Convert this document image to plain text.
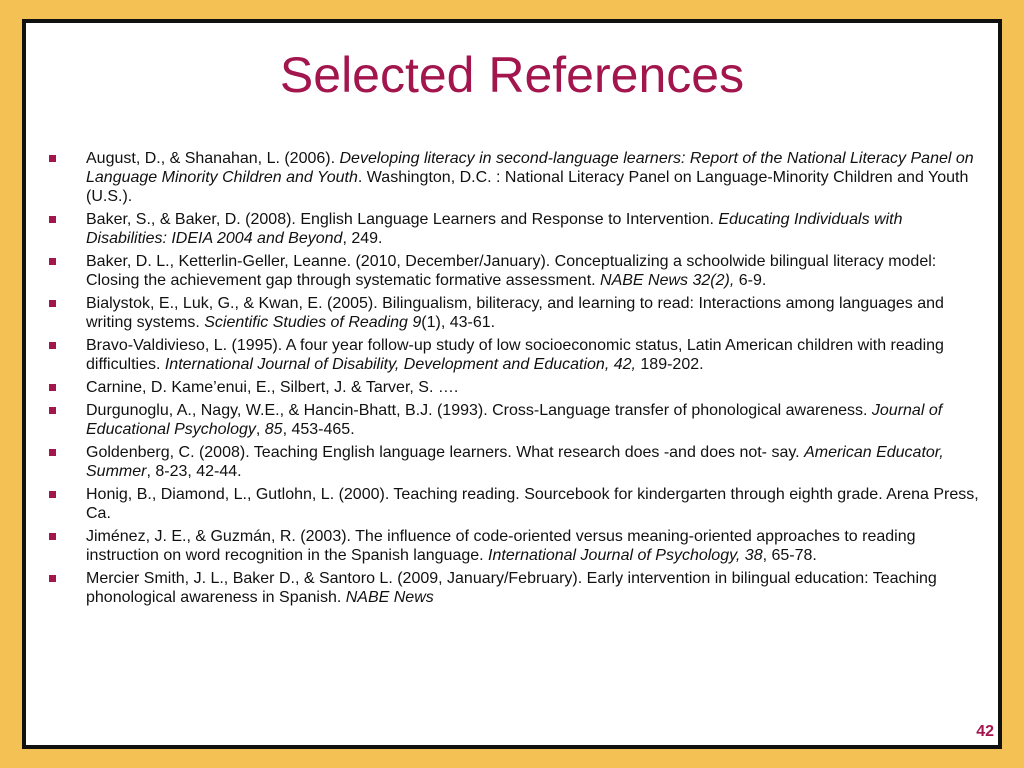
Selected References
August, D., & Shanahan, L. (2006). Developing literacy in second-language learners: Report of the National Literacy Panel on Language Minority Children and Youth. Washington, D.C. : National Literacy Panel on Language-Minority Children and Youth (U.S.).
Baker, S., & Baker, D. (2008). English Language Learners and Response to Intervention. Educating Individuals with Disabilities: IDEIA 2004 and Beyond, 249.
Baker, D. L., Ketterlin-Geller, Leanne. (2010, December/January). Conceptualizing a schoolwide bilingual literacy model: Closing the achievement gap through systematic formative assessment. NABE News 32(2), 6-9.
Bialystok, E., Luk, G., & Kwan, E. (2005). Bilingualism, biliteracy, and learning to read: Interactions among languages and writing systems. Scientific Studies of Reading 9(1), 43-61.
Bravo-Valdivieso, L. (1995). A four year follow-up study of low socioeconomic status, Latin American children with reading difficulties. International Journal of Disability, Development and Education, 42, 189-202.
Carnine, D. Kame’enui, E., Silbert, J. & Tarver, S. ….
Durgunoglu, A., Nagy, W.E., & Hancin-Bhatt, B.J. (1993). Cross-Language transfer of phonological awareness. Journal of Educational Psychology, 85, 453-465.
Goldenberg, C. (2008). Teaching English language learners. What research does -and does not- say. American Educator, Summer, 8-23, 42-44.
Honig, B., Diamond, L., Gutlohn, L. (2000). Teaching reading. Sourcebook for kindergarten through eighth grade. Arena Press, Ca.
Jiménez, J. E., & Guzmán, R. (2003). The influence of code-oriented versus meaning-oriented approaches to reading instruction on word recognition in the Spanish language. International Journal of Psychology, 38, 65-78.
Mercier Smith, J. L., Baker D., & Santoro L. (2009, January/February). Early intervention in bilingual education: Teaching phonological awareness in Spanish. NABE News
42
